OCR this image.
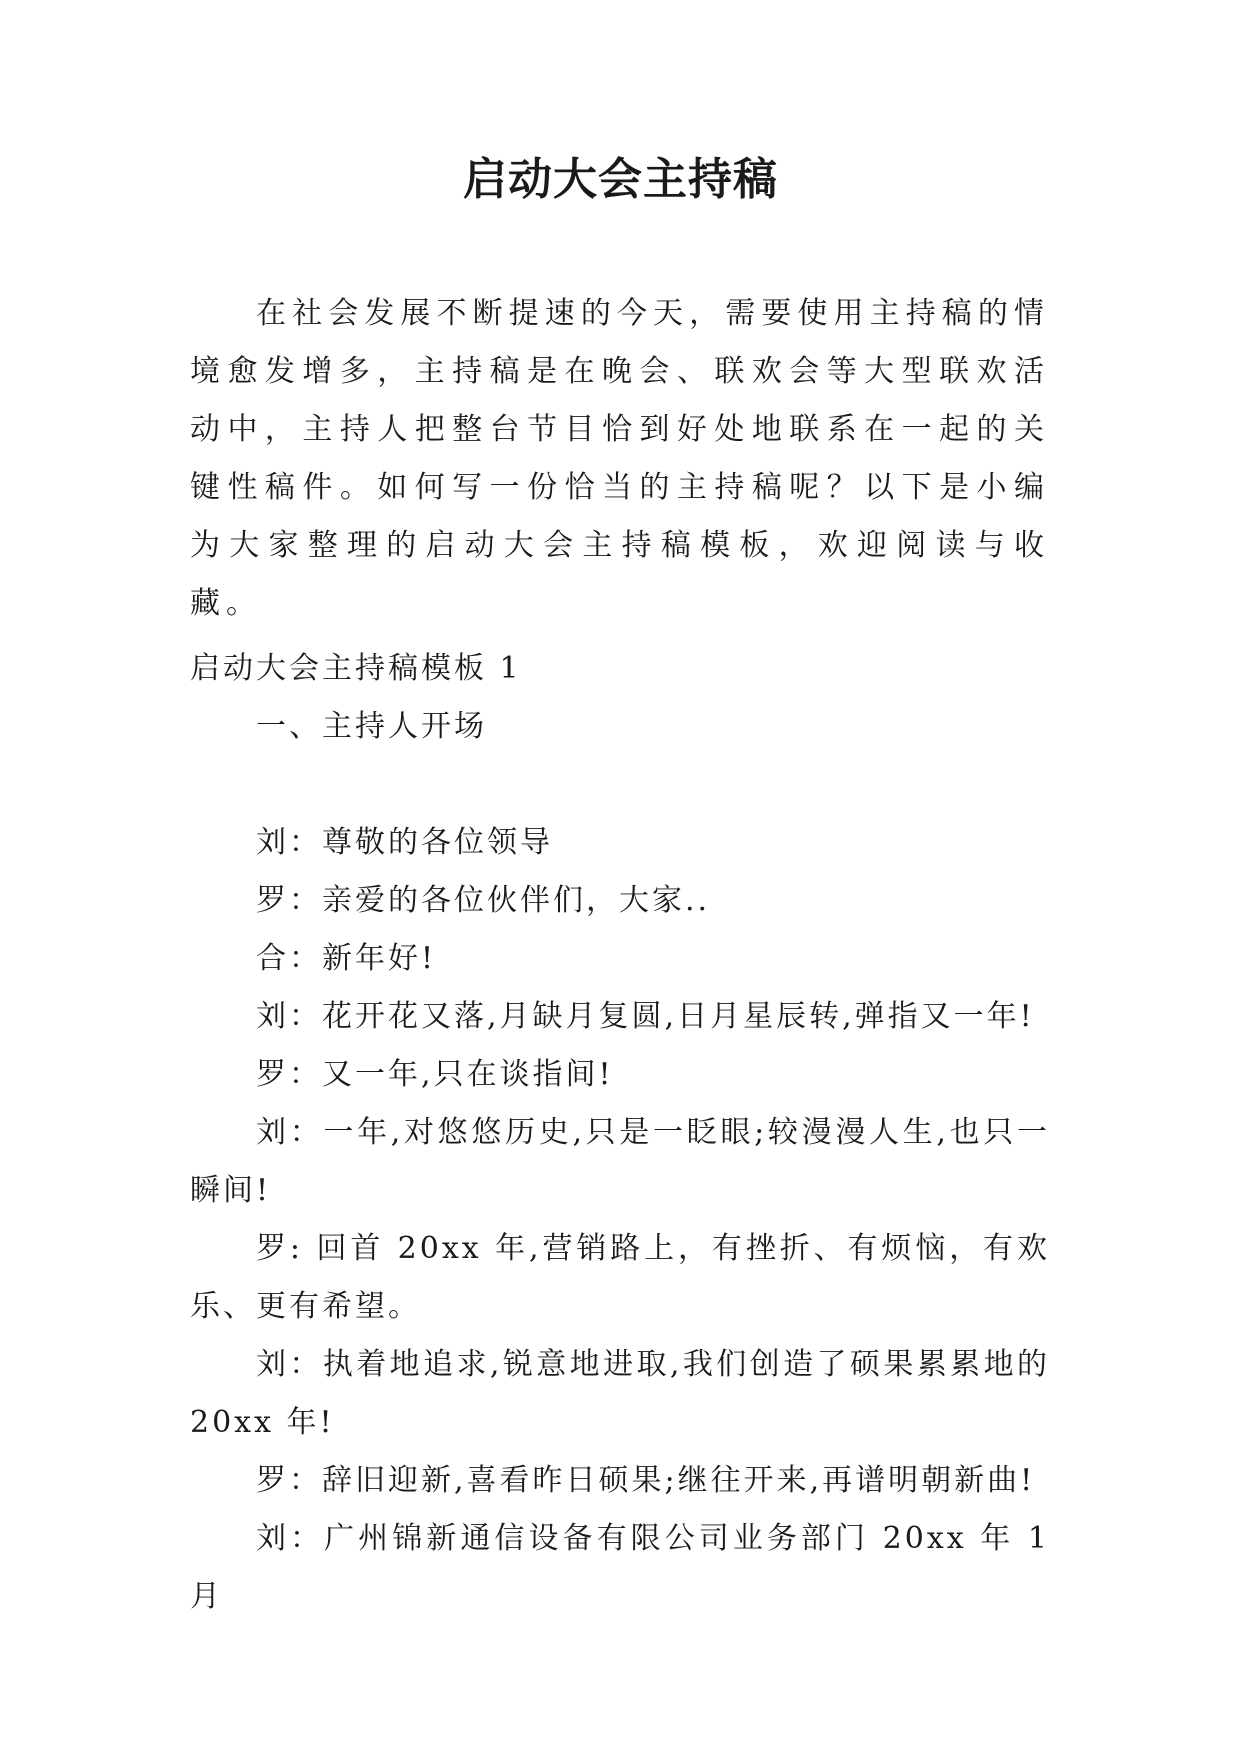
启动大会主持稿

在社会发展不断提速的今天，需要使用主持稿的情境愈发增多，主持稿是在晚会、联欢会等大型联欢活动中，主持人把整台节目恰到好处地联系在一起的关键性稿件。如何写一份恰当的主持稿呢？以下是小编为大家整理的启动大会主持稿模板，欢迎阅读与收藏。

启动大会主持稿模板 1

一、主持人开场

刘：尊敬的各位领导

罗：亲爱的各位伙伴们，大家..

合：新年好!

刘：花开花又落,月缺月复圆,日月星辰转,弹指又一年!

罗：又一年,只在谈指间!

刘：一年,对悠悠历史,只是一眨眼;较漫漫人生,也只一瞬间!

罗: 回首 20xx 年,营销路上，有挫折、有烦恼，有欢乐、更有希望。

刘：执着地追求,锐意地进取,我们创造了硕果累累地的 20xx 年!

罗：辞旧迎新,喜看昨日硕果;继往开来,再谱明朝新曲!

刘：广州锦新通信设备有限公司业务部门 20xx 年 1 月
